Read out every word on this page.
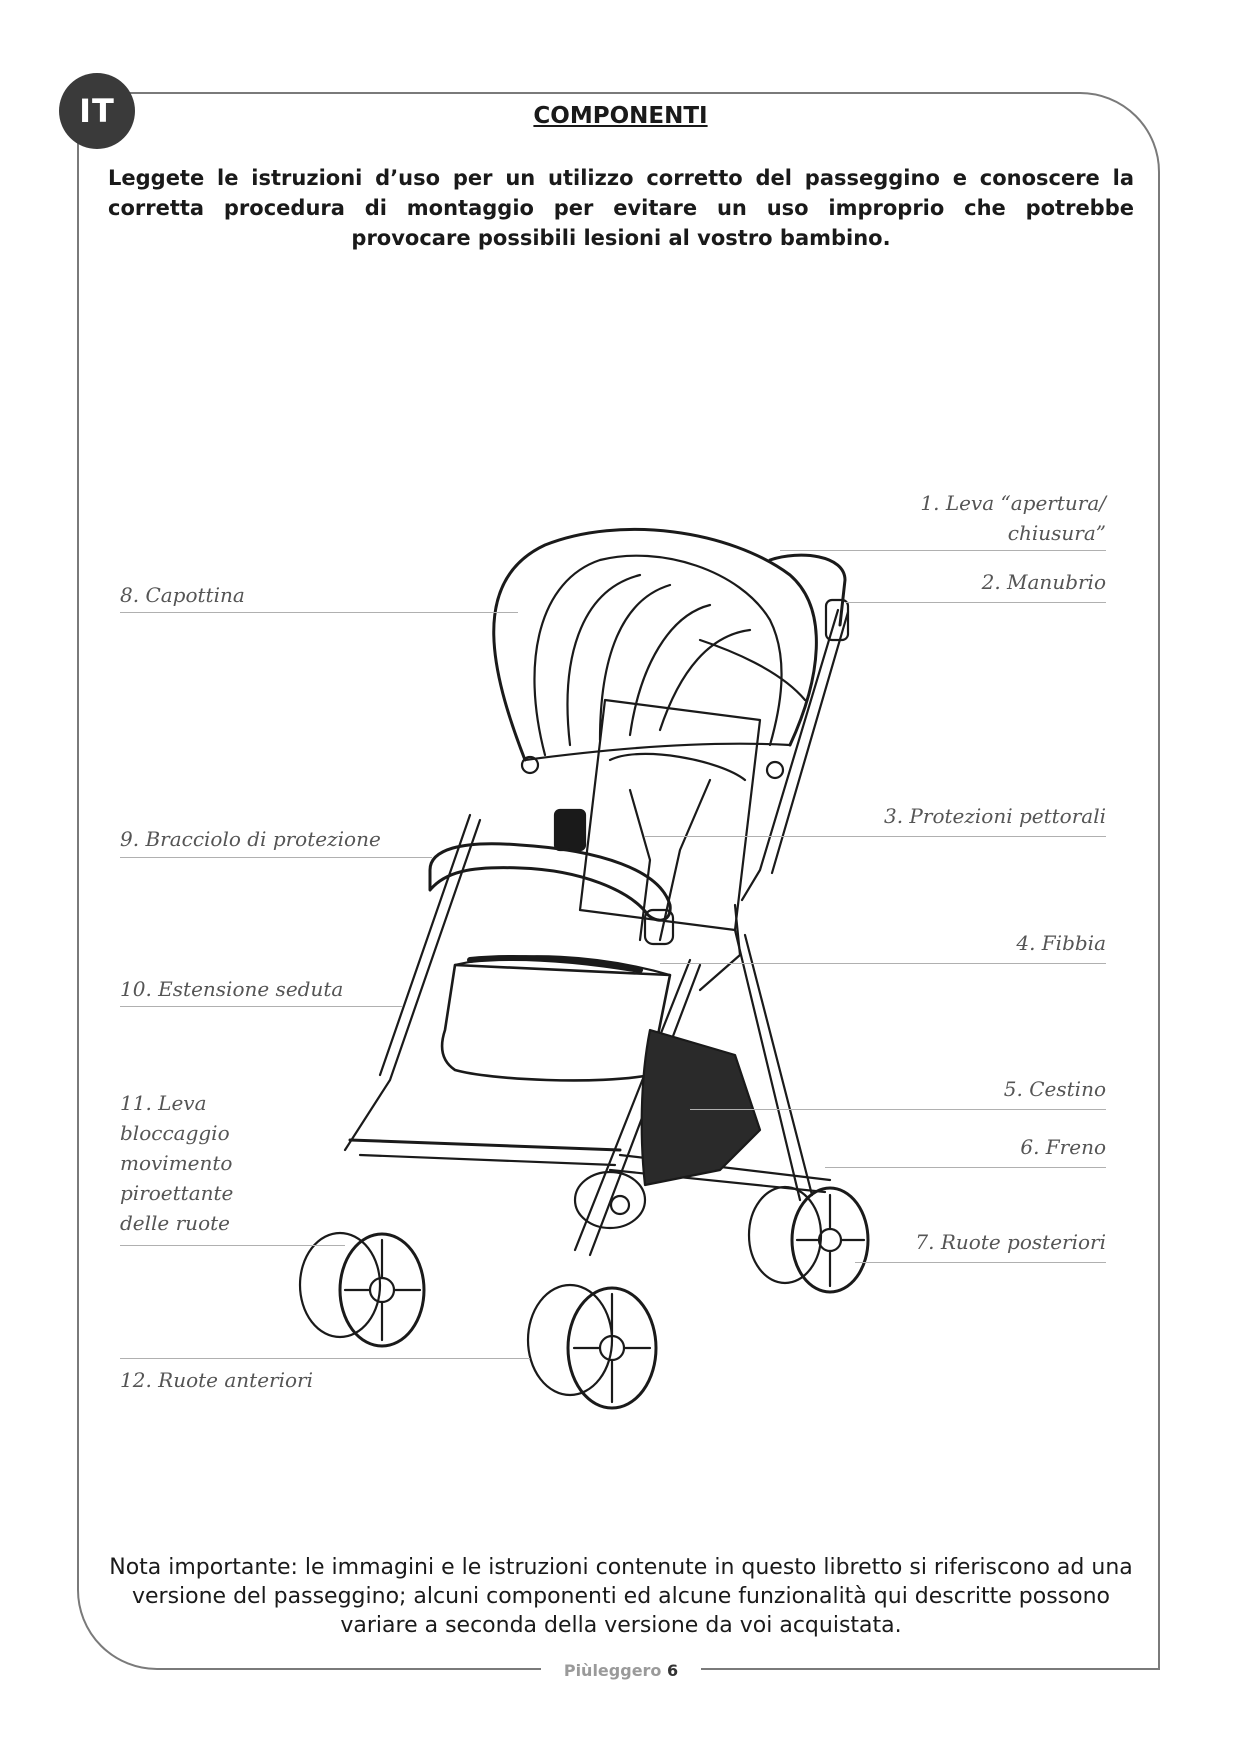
IT	COMPONENTI
Leggete le istruzioni d’uso per un utilizzo corretto del passeggino e conoscere la corretta procedura di montaggio per evitare un uso improprio che potrebbe provocare possibili lesioni al vostro bambino.
1. Leva “apertura/ chiusura”
2. Manubrio
3. Protezioni pettorali
4. Fibbia
5. Cestino
6. Freno
7. Ruote posteriori
8. Capottina
9. Bracciolo di protezione
10. Estensione seduta
11. Leva bloccaggio movimento piroettante delle ruote
12. Ruote anteriori
Nota importante: le immagini e le istruzioni contenute in questo libretto si riferiscono ad una versione del passeggino; alcuni componenti ed alcune funzionalità qui descritte possono variare a seconda della versione da voi acquistata.
Piùleggero 6
